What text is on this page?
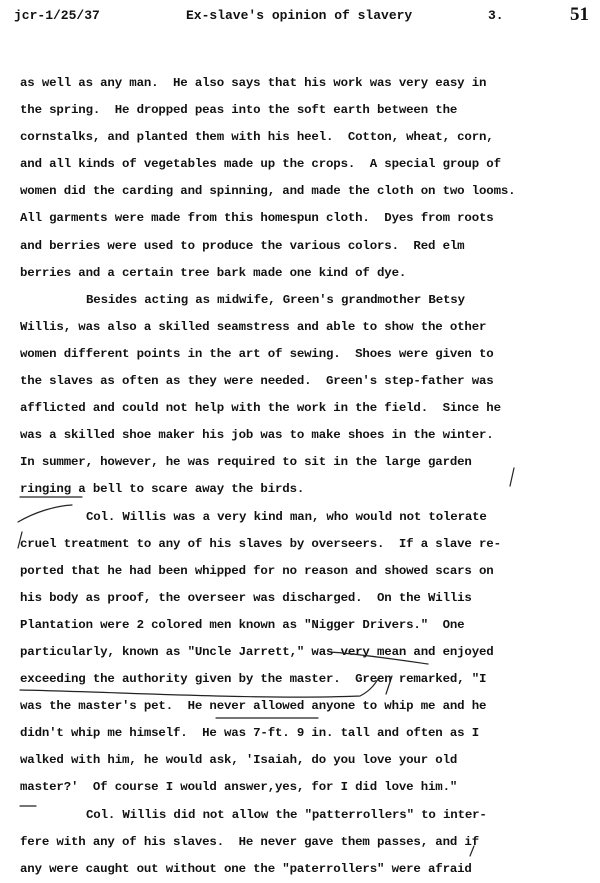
jcr-1/25/37	Ex-slave's opinion of slavery	3.	51
as well as any man.  He also says that his work was very easy in
the spring.  He dropped peas into the soft earth between the
cornstalks, and planted them with his heel.  Cotton, wheat, corn,
and all kinds of vegetables made up the crops.  A special group of
women did the carding and spinning, and made the cloth on two looms.
All garments were made from this homespun cloth.  Dyes from roots
and berries were used to produce the various colors.  Red elm
berries and a certain tree bark made one kind of dye.
Besides acting as midwife, Green's grandmother Betsy
Willis, was also a skilled seamstress and able to show the other
women different points in the art of sewing.  Shoes were given to
the slaves as often as they were needed.  Green's step-father was
afflicted and could not help with the work in the field.  Since he
was a skilled shoe maker his job was to make shoes in the winter.
In summer, however, he was required to sit in the large garden
ringing a bell to scare away the birds.
Col. Willis was a very kind man, who would not tolerate
cruel treatment to any of his slaves by overseers.  If a slave re-
ported that he had been whipped for no reason and showed scars on
his body as proof, the overseer was discharged.  On the Willis
Plantation were 2 colored men known as "Nigger Drivers."  One
particularly, known as "Uncle Jarrett," was very mean and enjoyed
exceeding the authority given by the master.  Green remarked, "I
was the master's pet.  He never allowed anyone to whip me and he
didn't whip me himself.  He was 7-ft. 9 in. tall and often as I
walked with him, he would ask, 'Isaiah, do you love your old
master?'  Of course I would answer,yes, for I did love him."
Col. Willis did not allow the "patterrollers" to inter-
fere with any of his slaves.  He never gave them passes, and if
any were caught out without one the "paterrollers" were afraid
